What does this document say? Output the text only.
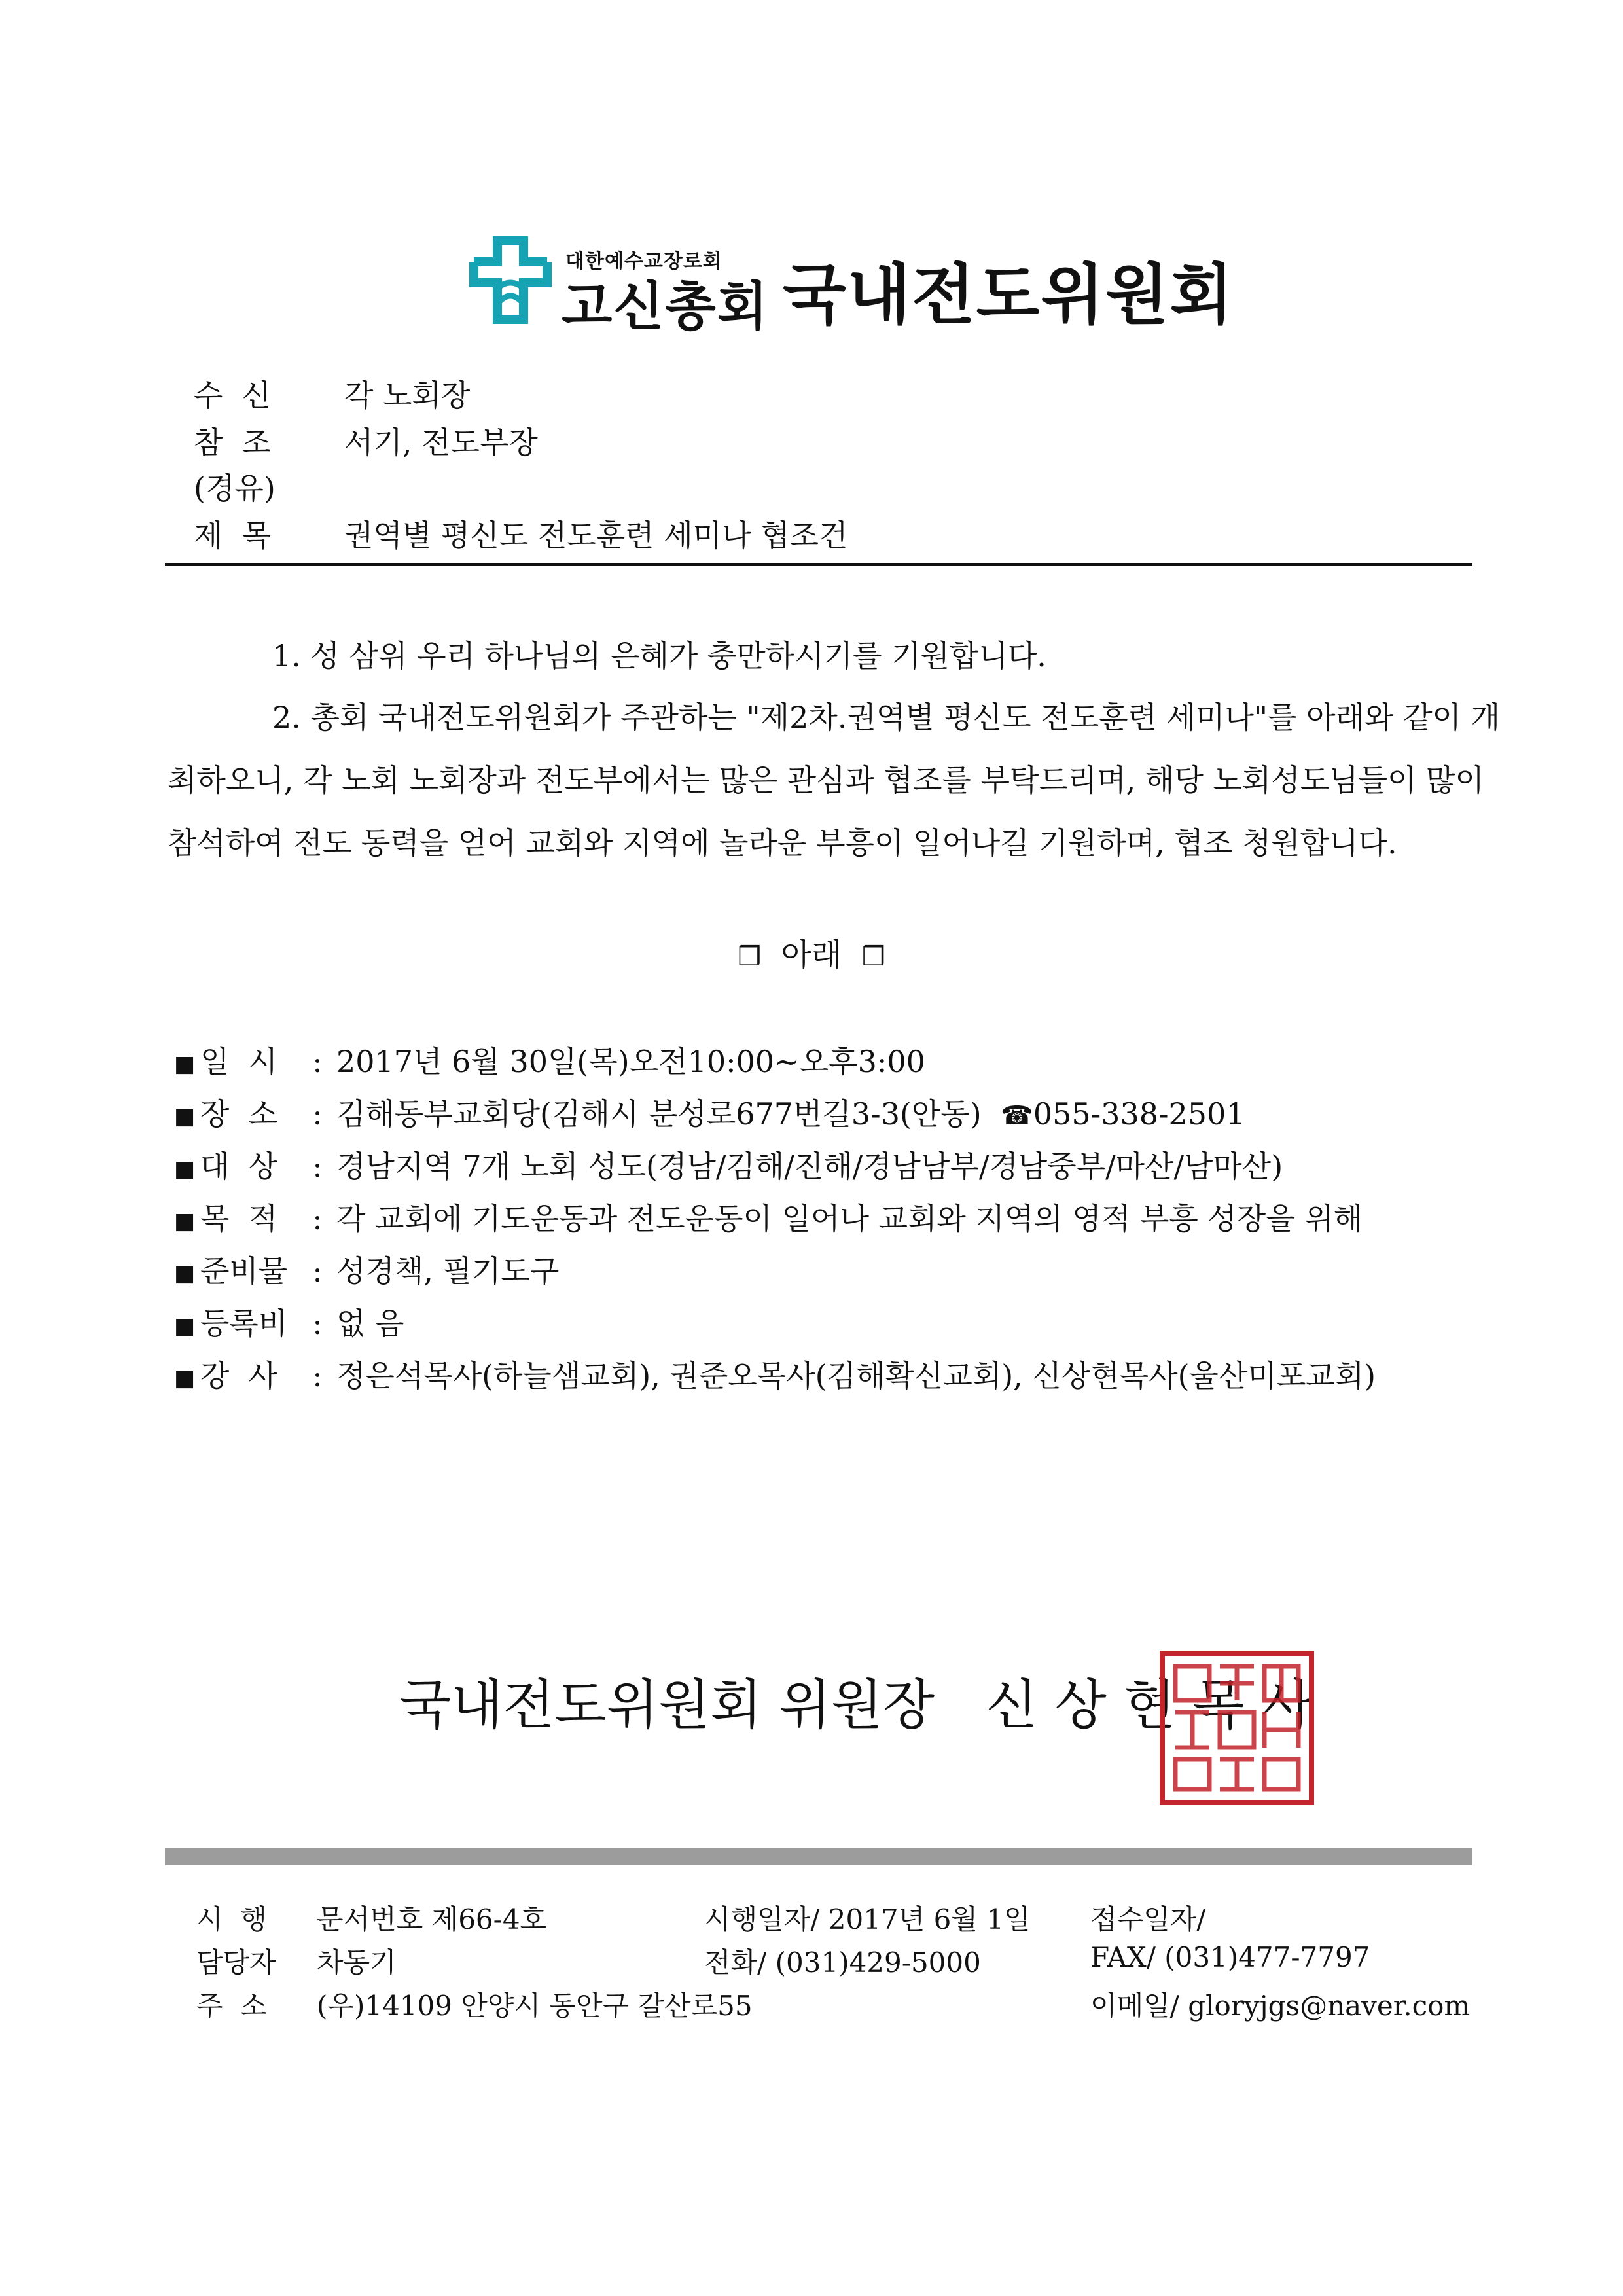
대한예수교장로회
고신총회 국내전도위원회
수  신 각 노회장
참  조 서기, 전도부장
(경유)
제  목 권역별 평신도 전도훈련 세미나 협조건
1. 성 삼위 우리 하나님의 은혜가 충만하시기를 기원합니다.
2. 총회 국내전도위원회가 주관하는 "제2차.권역별 평신도 전도훈련 세미나"를 아래와 같이 개
최하오니, 각 노회 노회장과 전도부에서는 많은 관심과 협조를 부탁드리며, 해당 노회성도님들이 많이
참석하여 전도 동력을 얻어 교회와 지역에 놀라운 부흥이 일어나길 기원하며, 협조 청원합니다.
❒ 아래 ❒
■ 일  시 : 2017년 6월 30일(목)오전10:00~오후3:00
■ 장  소 : 김해동부교회당(김해시 분성로677번길3-3(안동) ☎055-338-2501
■ 대  상 : 경남지역 7개 노회 성도(경남/김해/진해/경남남부/경남중부/마산/남마산)
■ 목  적 : 각 교회에 기도운동과 전도운동이 일어나 교회와 지역의 영적 부흥 성장을 위해
■ 준비물 : 성경책, 필기도구
■ 등록비 : 없 음
■ 강  사 : 정은석목사(하늘샘교회), 권준오목사(김해확신교회), 신상현목사(울산미포교회)
국내전도위원회 위원장   신 상 현 목 사
시  행 문서번호 제66-4호	시행일자/ 2017년 6월 1일 접수일자/
담당자 차동기	전화/ (031)429-5000	FAX/ (031)477-7797
주  소 (우)14109 안양시 동안구 갈산로55	이메일/ gloryjgs@naver.com
